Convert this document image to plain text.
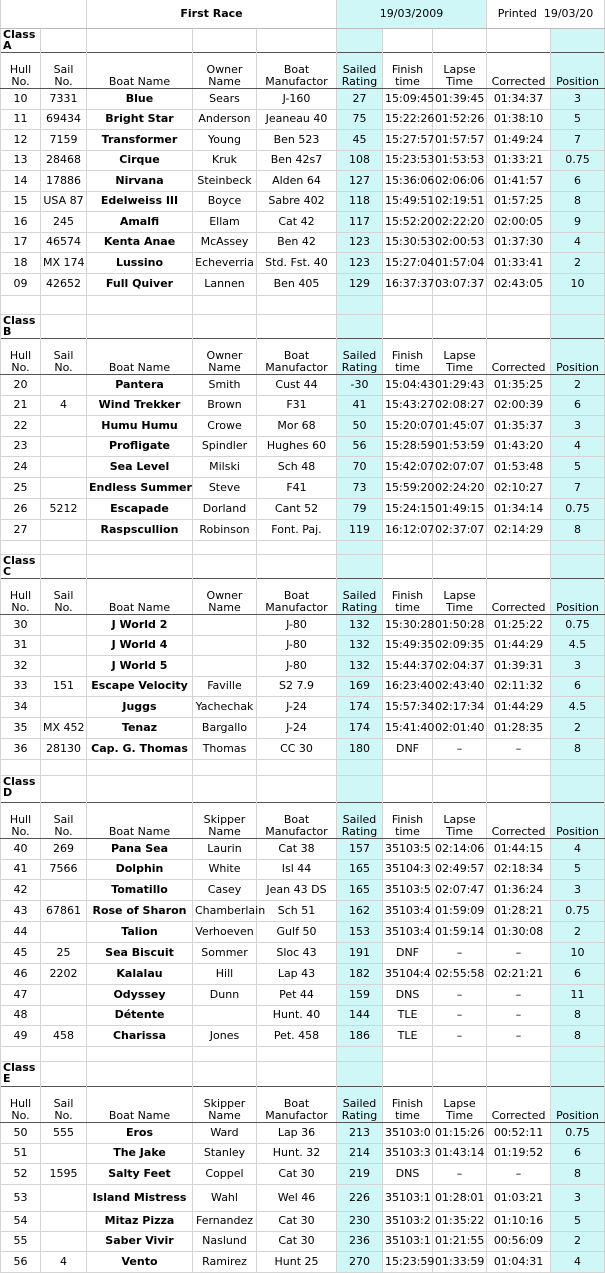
		First Race			19/03/2009			Printed 19/03/20	
Class A									
Hull No.	Sail No.	Boat Name	Owner Name	Boat Manufactor	Sailed Rating	Finish time	Lapse Time	Corrected	Position
10	7331	Blue	Sears	J-160	27	15:09:45	01:39:45	01:34:37	3
11	69434	Bright Star	Anderson	Jeaneau 40	75	15:22:26	01:52:26	01:38:10	5
12	7159	Transformer	Young	Ben 523	45	15:27:57	01:57:57	01:49:24	7
13	28468	Cirque	Kruk	Ben 42s7	108	15:23:53	01:53:53	01:33:21	0.75
14	17886	Nirvana	Steinbeck	Alden 64	127	15:36:06	02:06:06	01:41:57	6
15	USA 87	Edelweiss III	Boyce	Sabre 402	118	15:49:51	02:19:51	01:57:25	8
16	245	Amalfi	Ellam	Cat 42	117	15:52:20	02:22:20	02:00:05	9
17	46574	Kenta Anae	McAssey	Ben 42	123	15:30:53	02:00:53	01:37:30	4
18	MX 174	Lussino	Echeverria	Std. Fst. 40	123	15:27:04	01:57:04	01:33:41	2
09	42652	Full Quiver	Lannen	Ben 405	129	16:37:37	03:07:37	02:43:05	10

Class B									
Hull No.	Sail No.	Boat Name	Owner Name	Boat Manufactor	Sailed Rating	Finish time	Lapse Time	Corrected	Position
20		Pantera	Smith	Cust 44	-30	15:04:43	01:29:43	01:35:25	2
21	4	Wind Trekker	Brown	F31	41	15:43:27	02:08:27	02:00:39	6
22		Humu Humu	Crowe	Mor 68	50	15:20:07	01:45:07	01:35:37	3
23		Profligate	Spindler	Hughes 60	56	15:28:59	01:53:59	01:43:20	4
24		Sea Level	Milski	Sch 48	70	15:42:07	02:07:07	01:53:48	5
25		Endless Summer	Steve	F41	73	15:59:20	02:24:20	02:10:27	7
26	5212	Escapade	Dorland	Cant 52	79	15:24:15	01:49:15	01:34:14	0.75
27		Raspscullion	Robinson	Font. Paj.	119	16:12:07	02:37:07	02:14:29	8

Class C									
Hull No.	Sail No.	Boat Name	Owner Name	Boat Manufactor	Sailed Rating	Finish time	Lapse Time	Corrected	Position
30		J World 2		J-80	132	15:30:28	01:50:28	01:25:22	0.75
31		J World 4		J-80	132	15:49:35	02:09:35	01:44:29	4.5
32		J World 5		J-80	132	15:44:37	02:04:37	01:39:31	3
33	151	Escape Velocity	Faville	S2 7.9	169	16:23:40	02:43:40	02:11:32	6
34		Juggs	Yachechak	J-24	174	15:57:34	02:17:34	01:44:29	4.5
35	MX 452	Tenaz	Bargallo	J-24	174	15:41:40	02:01:40	01:28:35	2
36	28130	Cap. G. Thomas	Thomas	CC 30	180	DNF	–	–	8

Class D									
Hull No.	Sail No.	Boat Name	Skipper Name	Boat Manufactor	Sailed Rating	Finish time	Lapse Time	Corrected	Position
40	269	Pana Sea	Laurin	Cat 38	157	35103:5	02:14:06	01:44:15	4
41	7566	Dolphin	White	Isl 44	165	35104:3	02:49:57	02:18:34	5
42		Tomatillo	Casey	Jean 43 DS	165	35103:5	02:07:47	01:36:24	3
43	67861	Rose of Sharon	Chamberlain	Sch 51	162	35103:4	01:59:09	01:28:21	0.75
44		Talion	Verhoeven	Gulf 50	153	35103:4	01:59:14	01:30:08	2
45	25	Sea Biscuit	Sommer	Sloc 43	191	DNF	–	–	10
46	2202	Kalalau	Hill	Lap 43	182	35104:4	02:55:58	02:21:21	6
47		Odyssey	Dunn	Pet 44	159	DNS	–	–	11
48		Détente		Hunt. 40	144	TLE	–	–	8
49	458	Charissa	Jones	Pet. 458	186	TLE	–	–	8

Class E									
Hull No.	Sail No.	Boat Name	Skipper Name	Boat Manufactor	Sailed Rating	Finish time	Lapse Time	Corrected	Position
50	555	Eros	Ward	Lap 36	213	35103:0	01:15:26	00:52:11	0.75
51		The Jake	Stanley	Hunt. 32	214	35103:3	01:43:14	01:19:52	6
52	1595	Salty Feet	Coppel	Cat 30	219	DNS	–	–	8
53		Island Mistress	Wahl	Wel 46	226	35103:1	01:28:01	01:03:21	3
54		Mitaz Pizza	Fernandez	Cat 30	230	35103:2	01:35:22	01:10:16	5
55		Saber Vivir	Naslund	Cat 30	236	35103:1	01:21:55	00:56:09	2
56	4	Vento	Ramirez	Hunt 25	270	15:23:59	01:33:59	01:04:31	4
